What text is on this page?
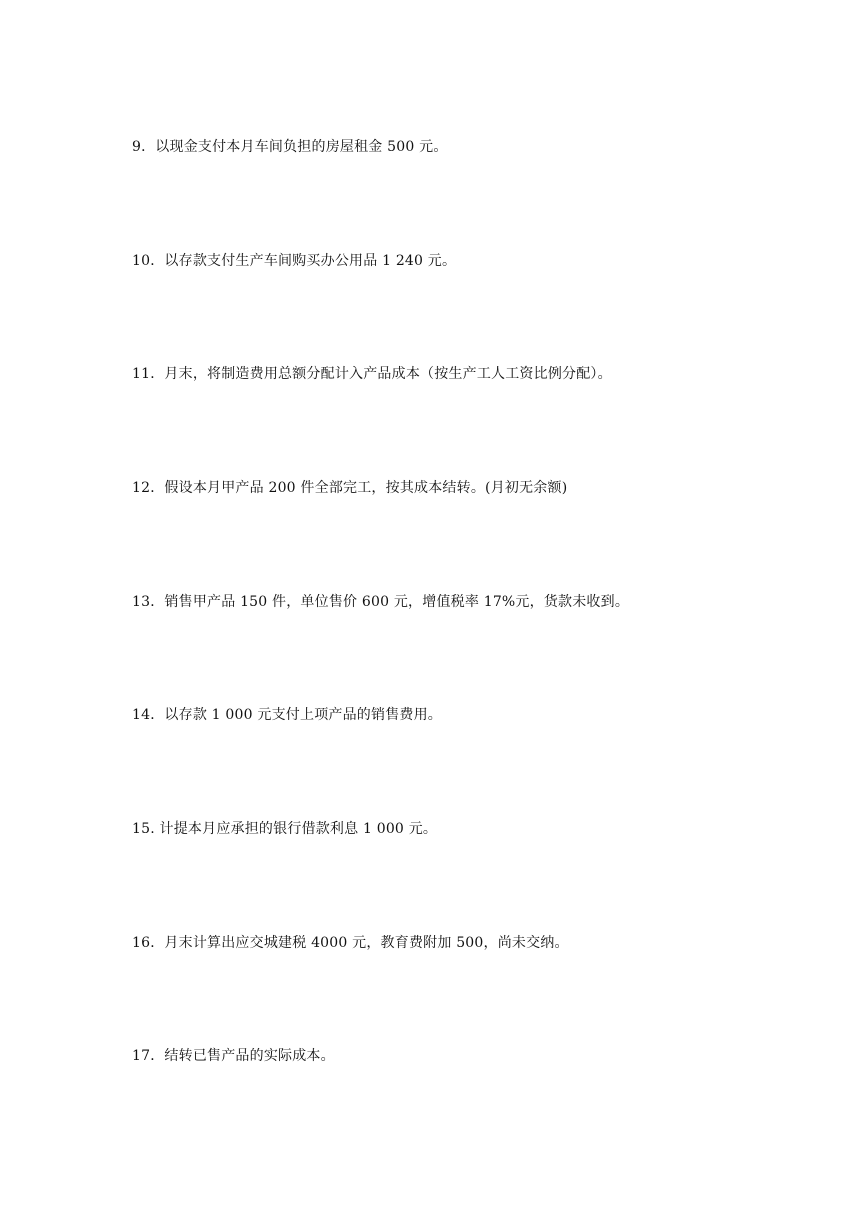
9．以现金支付本月车间负担的房屋租金 500 元。
10．以存款支付生产车间购买办公用品 1 240 元。
11．月末，将制造费用总额分配计入产品成本（按生产工人工资比例分配）。
12．假设本月甲产品 200 件全部完工，按其成本结转。(月初无余额)
13．销售甲产品 150 件，单位售价 600 元，增值税率 17%元，货款未收到。
14．以存款 1 000 元支付上项产品的销售费用。
15. 计提本月应承担的银行借款利息 1 000 元。
16．月末计算出应交城建税 4000 元，教育费附加 500，尚未交纳。
17．结转已售产品的实际成本。
